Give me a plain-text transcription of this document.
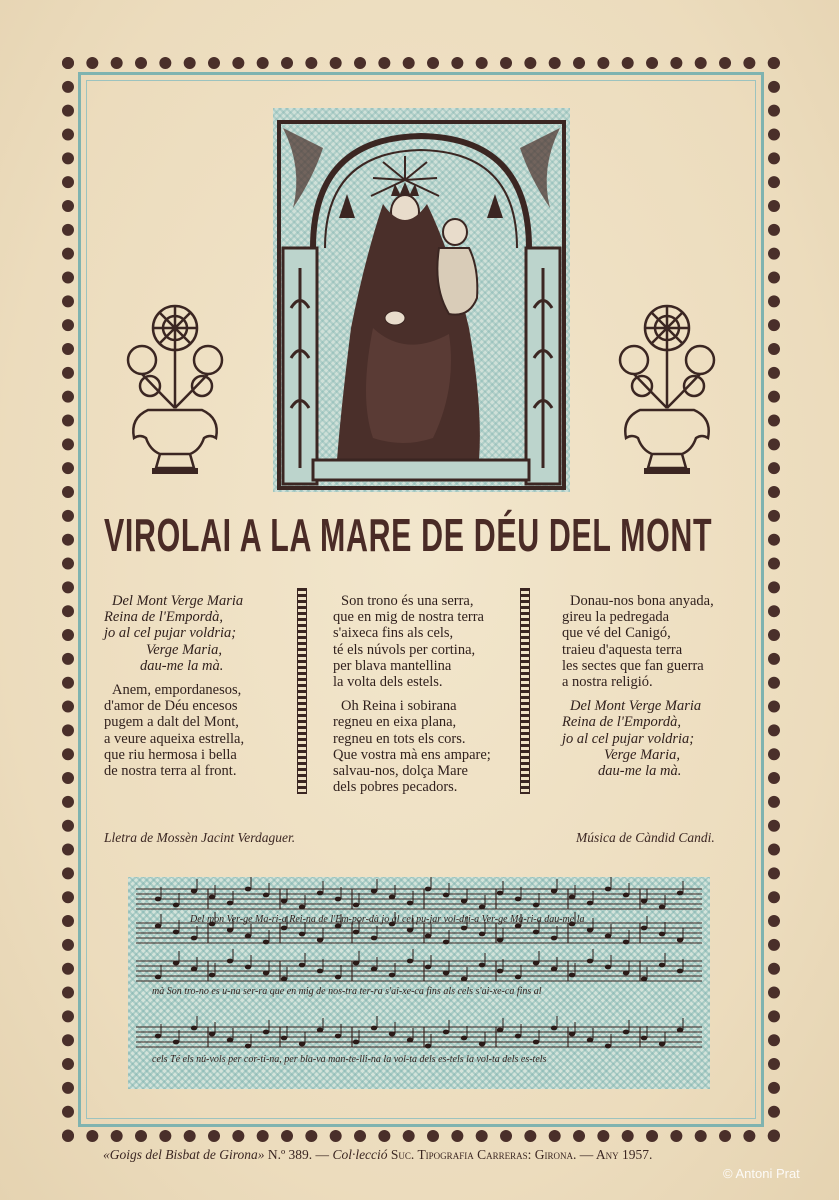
VIROLAI A LA MARE DE DÉU DEL MONT
Del Mont Verge Maria
Reina de l'Empordà,
jo al cel pujar voldria;
Verge Maria,
dau-me la mà.
Anem, empordanesos,
d'amor de Déu encesos
pugem a dalt del Mont,
a veure aqueixa estrella,
que riu hermosa i bella
de nostra terra al front.
Son trono és una serra,
que en mig de nostra terra
s'aixeca fins als cels,
té els núvols per cortina,
per blava mantellina
la volta dels estels.
Oh Reina i sobirana
regneu en eixa plana,
regneu en tots els cors.
Que vostra mà ens ampare;
salvau-nos, dolça Mare
dels pobres pecadors.
Donau-nos bona anyada,
gireu la pedregada
que vé del Canigó,
traieu d'aquesta terra
les sectes que fan guerra
a nostra religió.
Del Mont Verge Maria
Reina de l'Empordà,
jo al cel pujar voldria;
Verge Maria,
dau-me la mà.
Lletra de Mossèn Jacint Verdaguer.	Música de Càndid Candi.
Del mon Ver-ge Ma-ri-a Rei-na de l'Em-por-dà jo al cel pu-jar vol-dri-a Ver-ge Ma-ri-a dau-me la
mà Son tro-no es u-na ser-ra que en mig de nos-tra ter-ra s'ai-xe-ca fins als cels s'ai-xe-ca fins al
cels Té els nú-vols per cor-ti-na, per bla-va man-te-lli-na la vol-ta dels es-tels la vol-ta dels es-tels
«Goigs del Bisbat de Girona» N.º 389. — Col·lecció Suc. Tipografia Carreras: Girona. — Any 1957.
© Antoni Prat
